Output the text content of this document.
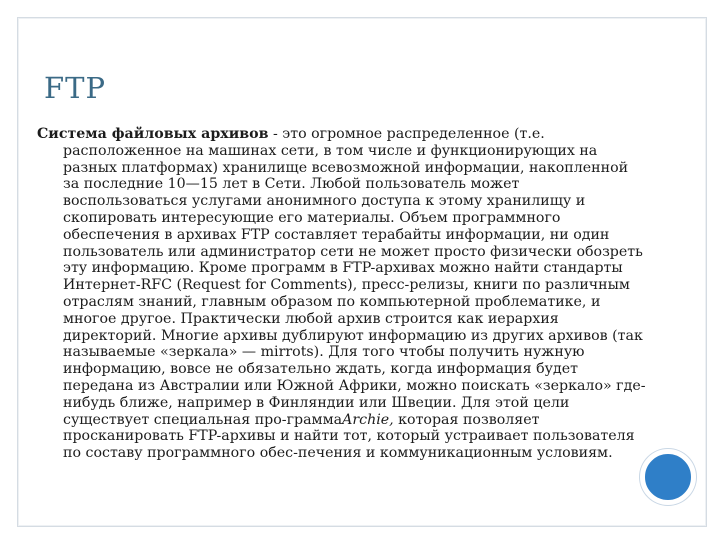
FTP

Система файловых архивов - это огромное распределенное (т.е. расположенное на машинах сети, в том числе и функционирующих на разных платформах) хранилище всевозможной информации, накопленной за последние 10—15 лет в Сети. Любой пользователь может воспользоваться услугами анонимного доступа к этому хранилищу и скопировать интересующие его материалы. Объем программного обеспечения в архивах FTP составляет терабайты информации, ни один пользователь или администратор сети не может просто физически обозреть эту информацию. Кроме программ в FTP-архивах можно найти стандарты Интернет-RFC (Request for Comments), пресс-релизы, книги по различным отраслям знаний, главным образом по компьютерной проблематике, и многое другое. Практически любой архив строится как иерархия директорий. Многие архивы дублируют информацию из других архивов (так называемые «зеркала» — mirrots). Для того чтобы получить нужную информацию, вовсе не обязательно ждать, когда информация будет передана из Австралии или Южной Африки, можно поискать «зеркало» где-нибудь ближе, например в Финляндии или Швеции. Для этой цели существует специальная про-граммаArchie, которая позволяет просканировать FTP-архивы и найти тот, который устраивает пользователя по составу программного обес-печения и коммуникационным условиям.
